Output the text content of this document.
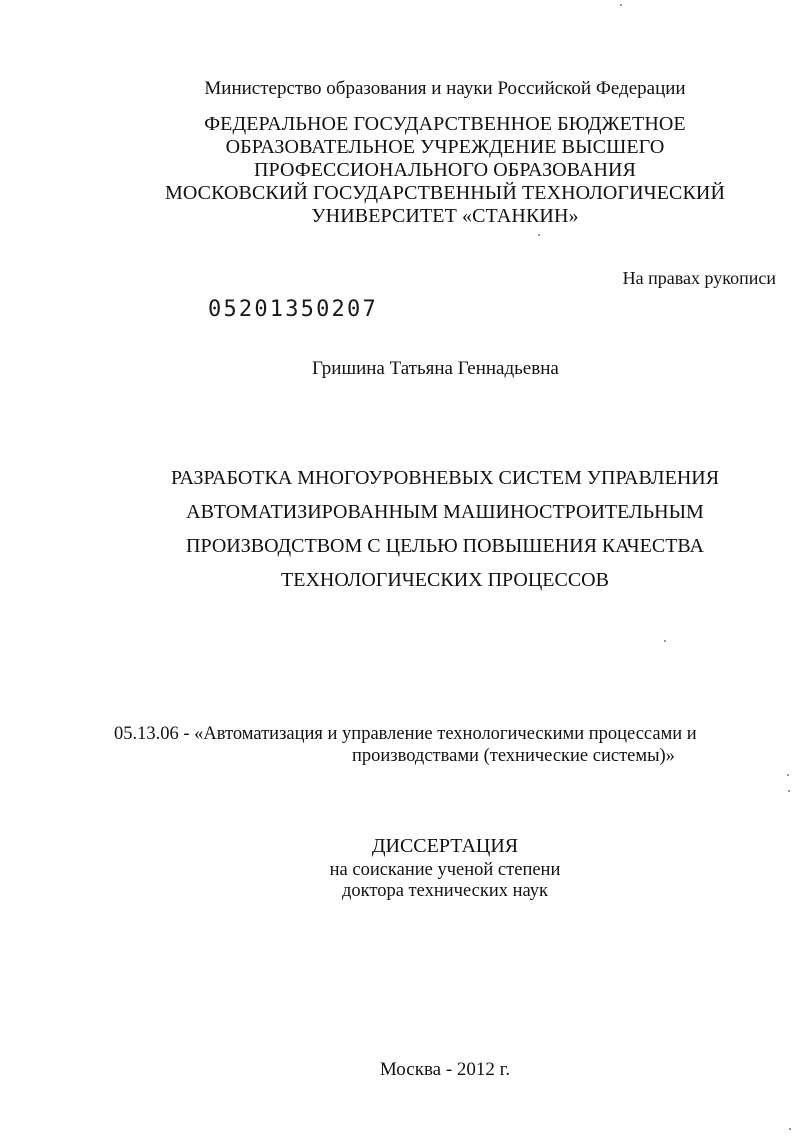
Министерство образования и науки Российской Федерации
ФЕДЕРАЛЬНОЕ ГОСУДАРСТВЕННОЕ БЮДЖЕТНОЕ
ОБРАЗОВАТЕЛЬНОЕ УЧРЕЖДЕНИЕ ВЫСШЕГО
ПРОФЕССИОНАЛЬНОГО ОБРАЗОВАНИЯ
МОСКОВСКИЙ ГОСУДАРСТВЕННЫЙ ТЕХНОЛОГИЧЕСКИЙ
УНИВЕРСИТЕТ «СТАНКИН»
На правах рукописи
05201350207
Гришина Татьяна Геннадьевна
РАЗРАБОТКА МНОГОУРОВНЕВЫХ СИСТЕМ УПРАВЛЕНИЯ
АВТОМАТИЗИРОВАННЫМ МАШИНОСТРОИТЕЛЬНЫМ
ПРОИЗВОДСТВОМ С ЦЕЛЬЮ ПОВЫШЕНИЯ КАЧЕСТВА
ТЕХНОЛОГИЧЕСКИХ ПРОЦЕССОВ
05.13.06 - «Автоматизация и управление технологическими процессами и
производствами (технические системы)»
ДИССЕРТАЦИЯ
на соискание ученой степени
доктора технических наук
Москва - 2012 г.
